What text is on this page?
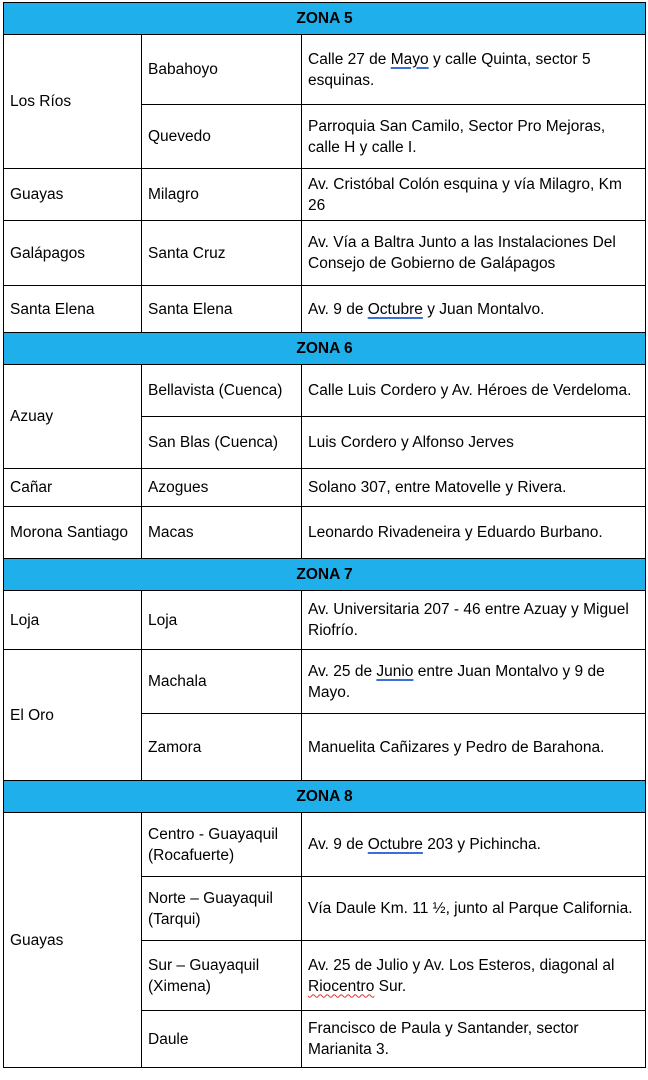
ZONA 5		
Los Ríos	Babahoyo	Calle 27 de Mayo y calle Quinta, sector 5 esquinas.
	Quevedo	Parroquia San Camilo, Sector Pro Mejoras, calle H y calle I.
Guayas	Milagro	Av. Cristóbal Colón esquina y vía Milagro, Km 26
Galápagos	Santa Cruz	Av. Vía a Baltra Junto a las Instalaciones Del Consejo de Gobierno de Galápagos
Santa Elena	Santa Elena	Av. 9 de Octubre y Juan Montalvo.
ZONA 6		
Azuay	Bellavista (Cuenca)	Calle Luis Cordero y Av. Héroes de Verdeloma.
	San Blas (Cuenca)	Luis Cordero y Alfonso Jerves
Cañar	Azogues	Solano 307, entre Matovelle y Rivera.
Morona Santiago	Macas	Leonardo Rivadeneira y Eduardo Burbano.
ZONA 7		
Loja	Loja	Av. Universitaria 207 - 46 entre Azuay y Miguel Riofrío.
El Oro	Machala	Av. 25 de Junio entre Juan Montalvo y 9 de Mayo.
	Zamora	Manuelita Cañizares y Pedro de Barahona.
ZONA 8		
Guayas	Centro - Guayaquil (Rocafuerte)	Av. 9 de Octubre 203 y Pichincha.
	Norte – Guayaquil (Tarqui)	Vía Daule Km. 11 ½, junto al Parque California.
	Sur – Guayaquil (Ximena)	Av. 25 de Julio y Av. Los Esteros, diagonal al Riocentro Sur.
	Daule	Francisco de Paula y Santander, sector Marianita 3.
